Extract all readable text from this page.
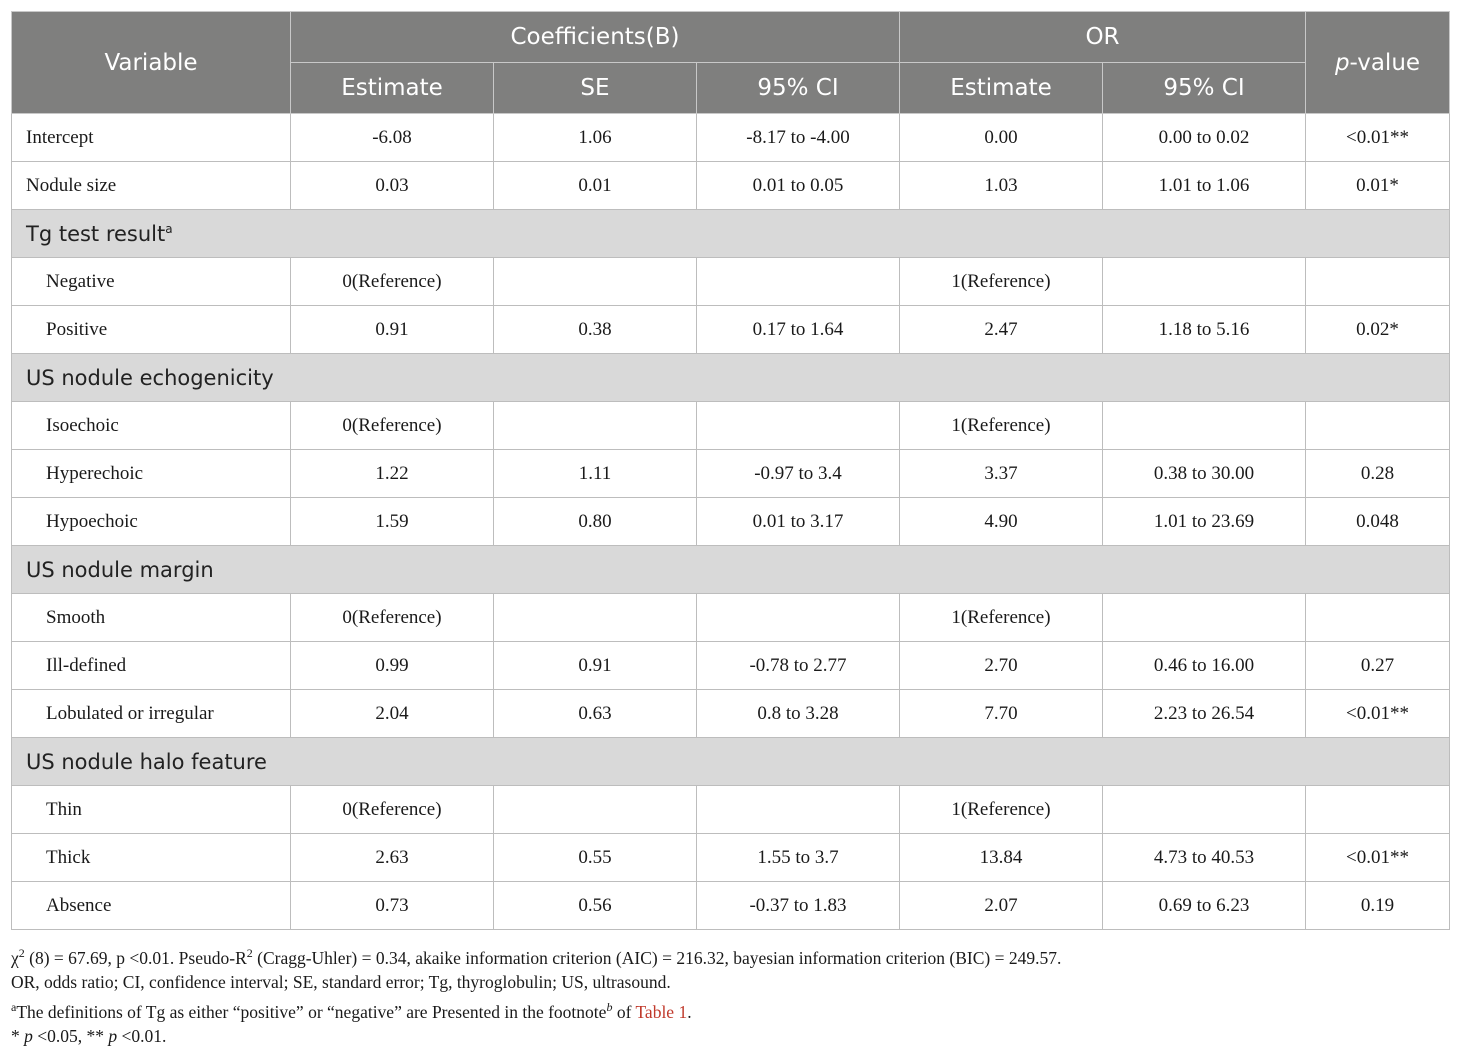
Variable	Coefficients(B)			OR		p-value
	Estimate	SE	95% CI	Estimate	95% CI	
Intercept	-6.08	1.06	-8.17 to -4.00	0.00	0.00 to 0.02	<0.01**
Nodule size	0.03	0.01	0.01 to 0.05	1.03	1.01 to 1.06	0.01*
Tg test result$^a$
Negative	0(Reference)			1(Reference)		
Positive	0.91	0.38	0.17 to 1.64	2.47	1.18 to 5.16	0.02*
US nodule echogenicity						
Isoechoic	0(Reference)			1(Reference)		
Hyperechoic	1.22	1.11	-0.97 to 3.4	3.37	0.38 to 30.00	0.28
Hypoechoic	1.59	0.80	0.01 to 3.17	4.90	1.01 to 23.69	0.048
US nodule margin						
Smooth	0(Reference)			1(Reference)		
Ill-defined	0.99	0.91	-0.78 to 2.77	2.70	0.46 to 16.00	0.27
Lobulated or irregular	2.04	0.63	0.8 to 3.28	7.70	2.23 to 26.54	<0.01**
US nodule halo feature						
Thin	0(Reference)			1(Reference)		
Thick	2.63	0.55	1.55 to 3.7	13.84	4.73 to 40.53	<0.01**
Absence	0.73	0.56	-0.37 to 1.83	2.07	0.69 to 6.23	0.19

$\chi^2$ (8) = 67.69, p <0.01. Pseudo-$R^2$ (Cragg-Uhler) = 0.34, akaike information criterion (AIC) = 216.32, bayesian information criterion (BIC) = 249.57.

OR, odds ratio; CI, confidence interval; SE, standard error; Tg, thyroglobulin; US, ultrasound.

$^a$The definitions of Tg as either “positive” or “negative” are Presented in the footnote$^b$ of Table 1.

* p <0.05, ** p <0.01.
